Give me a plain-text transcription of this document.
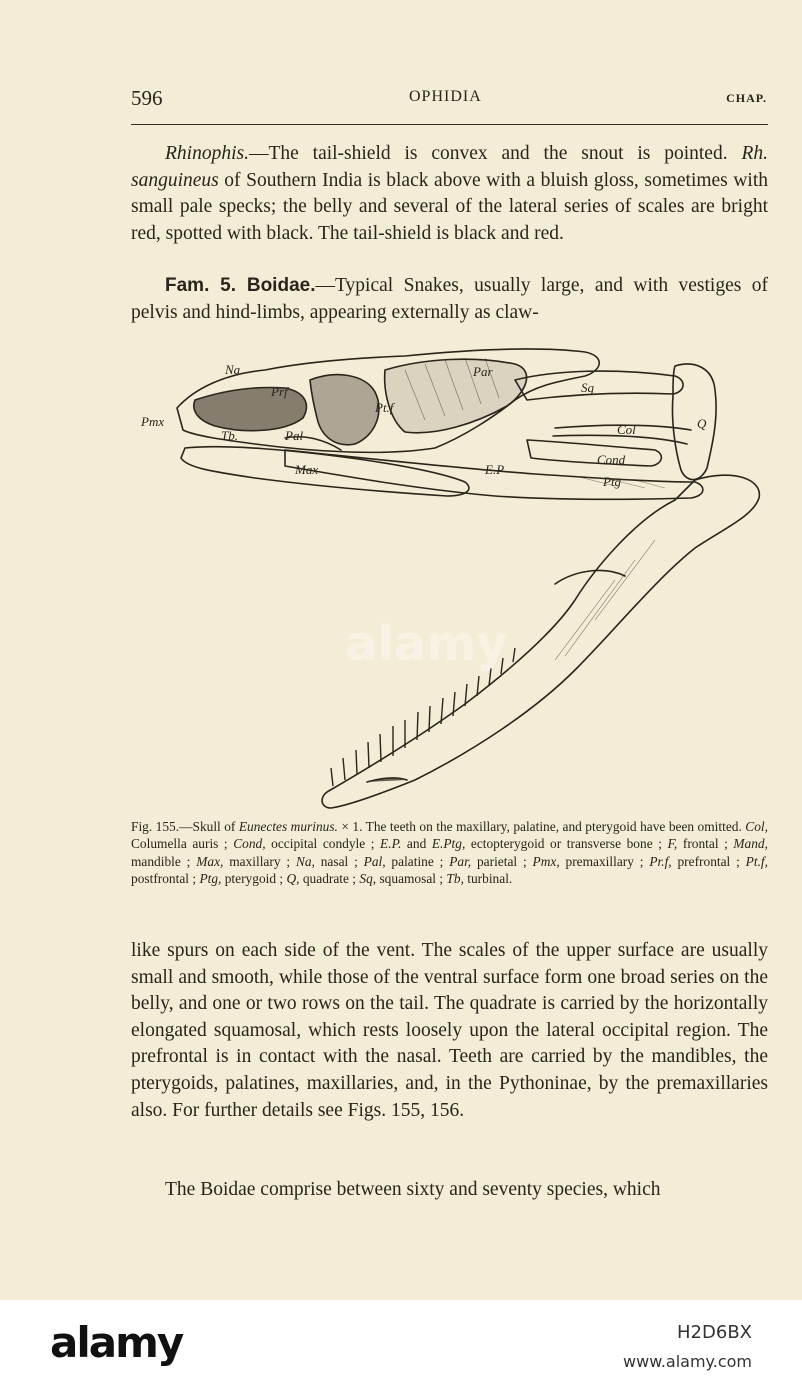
596	OPHIDIA	CHAP.

Rhinophis.—The tail-shield is convex and the snout is pointed. Rh. sanguineus of Southern India is black above with a bluish gloss, sometimes with small pale specks; the belly and several of the lateral series of scales are bright red, spotted with black. The tail-shield is black and red.

Fam. 5. Boidae.—Typical Snakes, usually large, and with vestiges of pelvis and hind-limbs, appearing externally as claw-

Na
Prf
Par
Sq
Pmx
Pt.f
Tb.	Pal	Col	Q
Max	E.P
Cond
Ptg
alamy
Fig. 155.—Skull of Eunectes murinus. × 1. The teeth on the maxillary, palatine, and pterygoid have been omitted. Col, Columella auris ; Cond, occipital condyle ; E.P. and E.Ptg, ectopterygoid or transverse bone ; F, frontal ; Mand, mandible ; Max, maxillary ; Na, nasal ; Pal, palatine ; Par, parietal ; Pmx, premaxillary ; Pr.f, prefrontal ; Pt.f, postfrontal ; Ptg, pterygoid ; Q, quadrate ; Sq, squamosal ; Tb, turbinal.

like spurs on each side of the vent. The scales of the upper surface are usually small and smooth, while those of the ventral surface form one broad series on the belly, and one or two rows on the tail. The quadrate is carried by the horizontally elongated squamosal, which rests loosely upon the lateral occipital region. The prefrontal is in contact with the nasal. Teeth are carried by the mandibles, the pterygoids, palatines, maxillaries, and, in the Pythoninae, by the premaxillaries also. For further details see Figs. 155, 156.

The Boidae comprise between sixty and seventy species, which

alamy	H2D6BX
www.alamy.com
